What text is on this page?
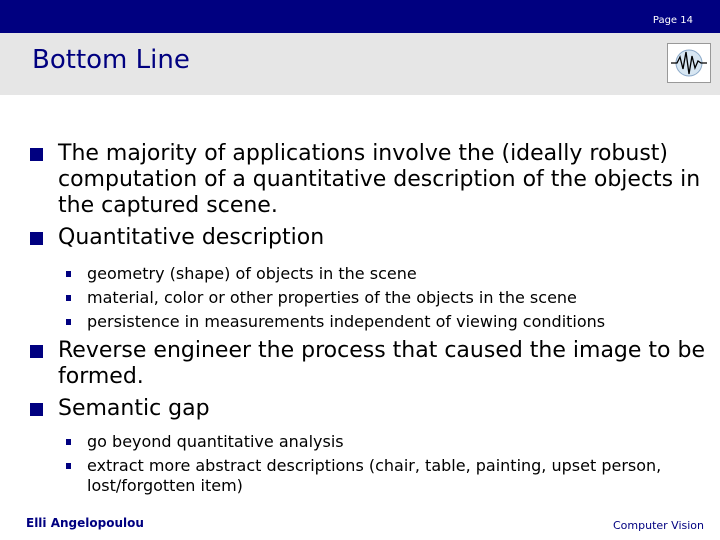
Page 14
Bottom Line

The majority of applications involve the (ideally robust) computation of a quantitative description of the objects in the captured scene.

Quantitative description

geometry (shape) of objects in the scene

material, color or other properties of the objects in the scene

persistence in measurements independent of viewing conditions

Reverse engineer the process that caused the image to be formed.

Semantic gap

go beyond quantitative analysis

extract more abstract descriptions (chair, table, painting, upset person, lost/forgotten item)

Elli Angelopoulou	Computer Vision
